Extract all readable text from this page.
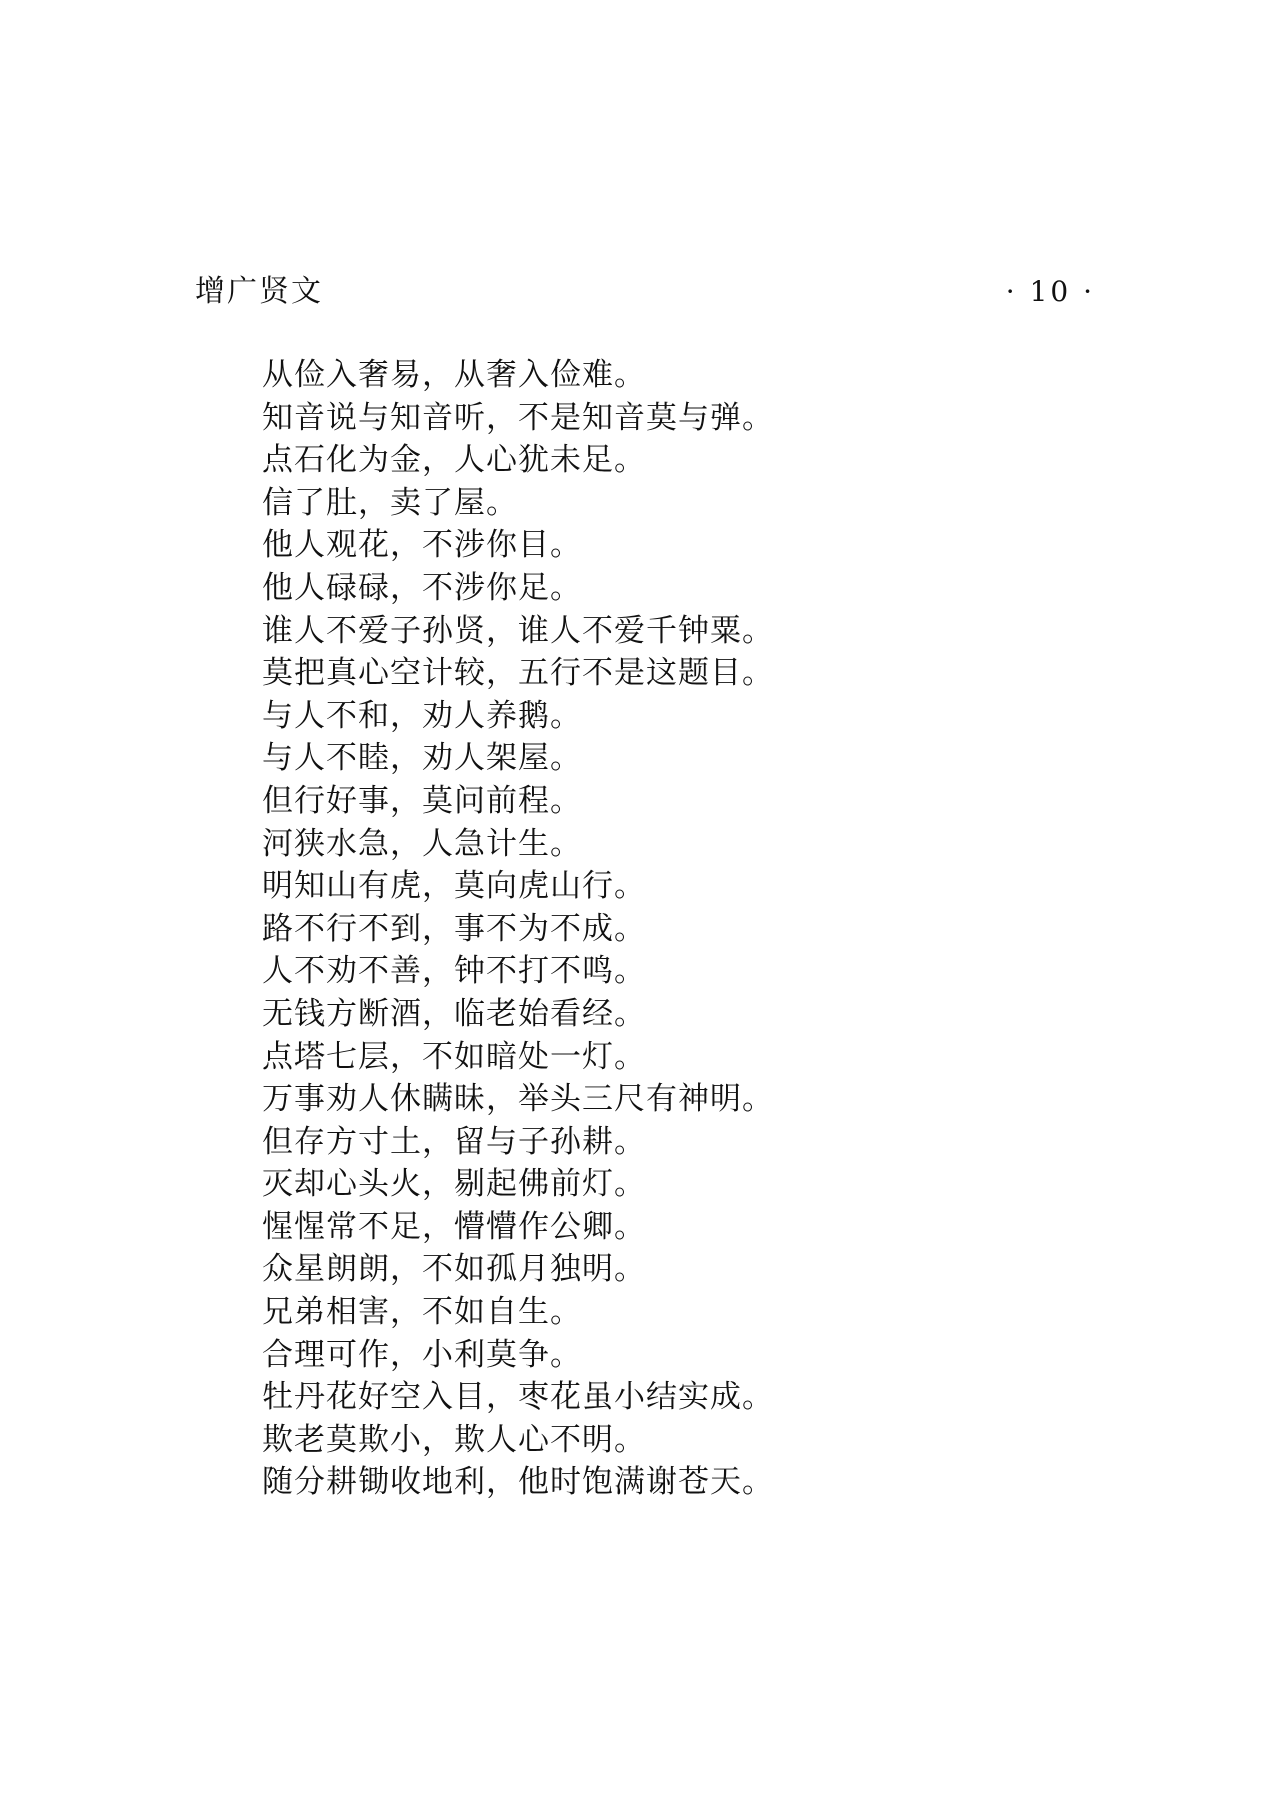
增广贤文	· 10 ·
从俭入奢易，从奢入俭难。
知音说与知音听，不是知音莫与弹。
点石化为金，人心犹未足。
信了肚，卖了屋。
他人观花，不涉你目。
他人碌碌，不涉你足。
谁人不爱子孙贤，谁人不爱千钟粟。
莫把真心空计较，五行不是这题目。
与人不和，劝人养鹅。
与人不睦，劝人架屋。
但行好事，莫问前程。
河狭水急，人急计生。
明知山有虎，莫向虎山行。
路不行不到，事不为不成。
人不劝不善，钟不打不鸣。
无钱方断酒，临老始看经。
点塔七层，不如暗处一灯。
万事劝人休瞒昧，举头三尺有神明。
但存方寸土，留与子孙耕。
灭却心头火，剔起佛前灯。
惺惺常不足，懵懵作公卿。
众星朗朗，不如孤月独明。
兄弟相害，不如自生。
合理可作，小利莫争。
牡丹花好空入目，枣花虽小结实成。
欺老莫欺小，欺人心不明。
随分耕锄收地利，他时饱满谢苍天。
